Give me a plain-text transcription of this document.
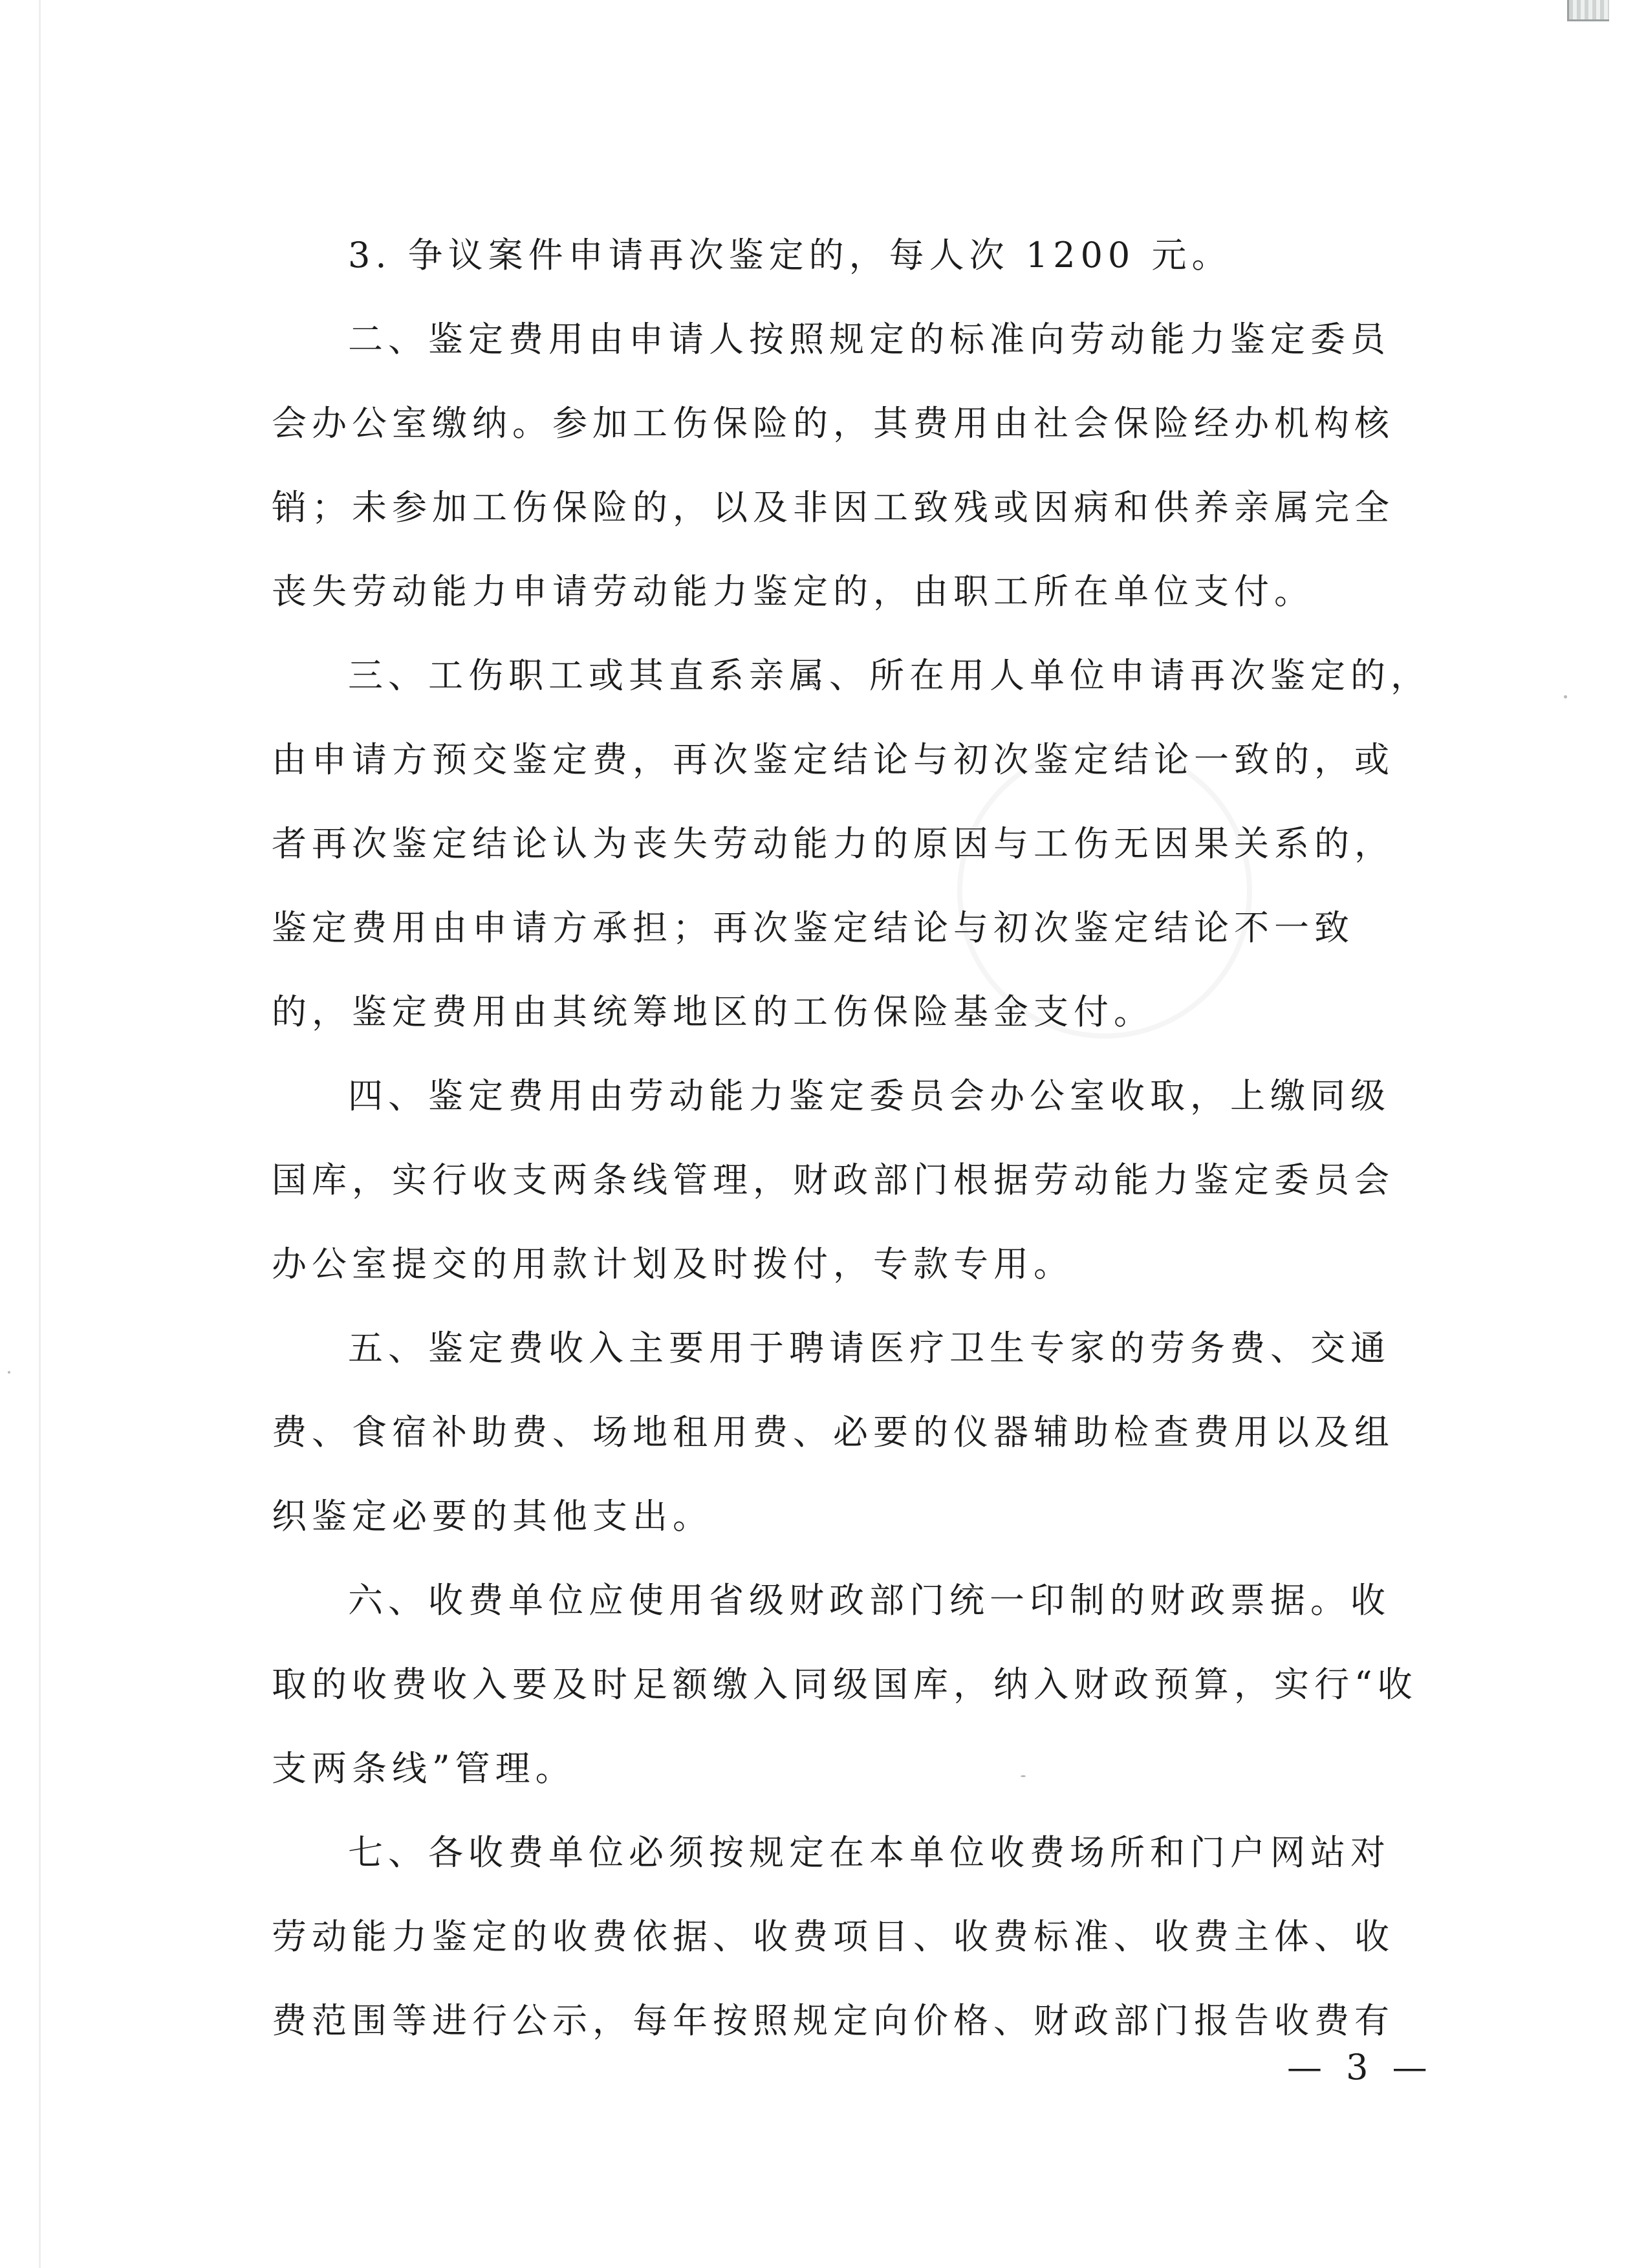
3. 争议案件申请再次鉴定的，每人次 1200 元。
二、鉴定费用由申请人按照规定的标准向劳动能力鉴定委员
会办公室缴纳。参加工伤保险的，其费用由社会保险经办机构核
销；未参加工伤保险的，以及非因工致残或因病和供养亲属完全
丧失劳动能力申请劳动能力鉴定的，由职工所在单位支付。
三、工伤职工或其直系亲属、所在用人单位申请再次鉴定的，
由申请方预交鉴定费，再次鉴定结论与初次鉴定结论一致的，或
者再次鉴定结论认为丧失劳动能力的原因与工伤无因果关系的，
鉴定费用由申请方承担；再次鉴定结论与初次鉴定结论不一致
的，鉴定费用由其统筹地区的工伤保险基金支付。
四、鉴定费用由劳动能力鉴定委员会办公室收取，上缴同级
国库，实行收支两条线管理，财政部门根据劳动能力鉴定委员会
办公室提交的用款计划及时拨付，专款专用。
五、鉴定费收入主要用于聘请医疗卫生专家的劳务费、交通
费、食宿补助费、场地租用费、必要的仪器辅助检查费用以及组
织鉴定必要的其他支出。
六、收费单位应使用省级财政部门统一印制的财政票据。收
取的收费收入要及时足额缴入同级国库，纳入财政预算，实行“收
支两条线”管理。
七、各收费单位必须按规定在本单位收费场所和门户网站对
劳动能力鉴定的收费依据、收费项目、收费标准、收费主体、收
费范围等进行公示，每年按照规定向价格、财政部门报告收费有
— 3 —
